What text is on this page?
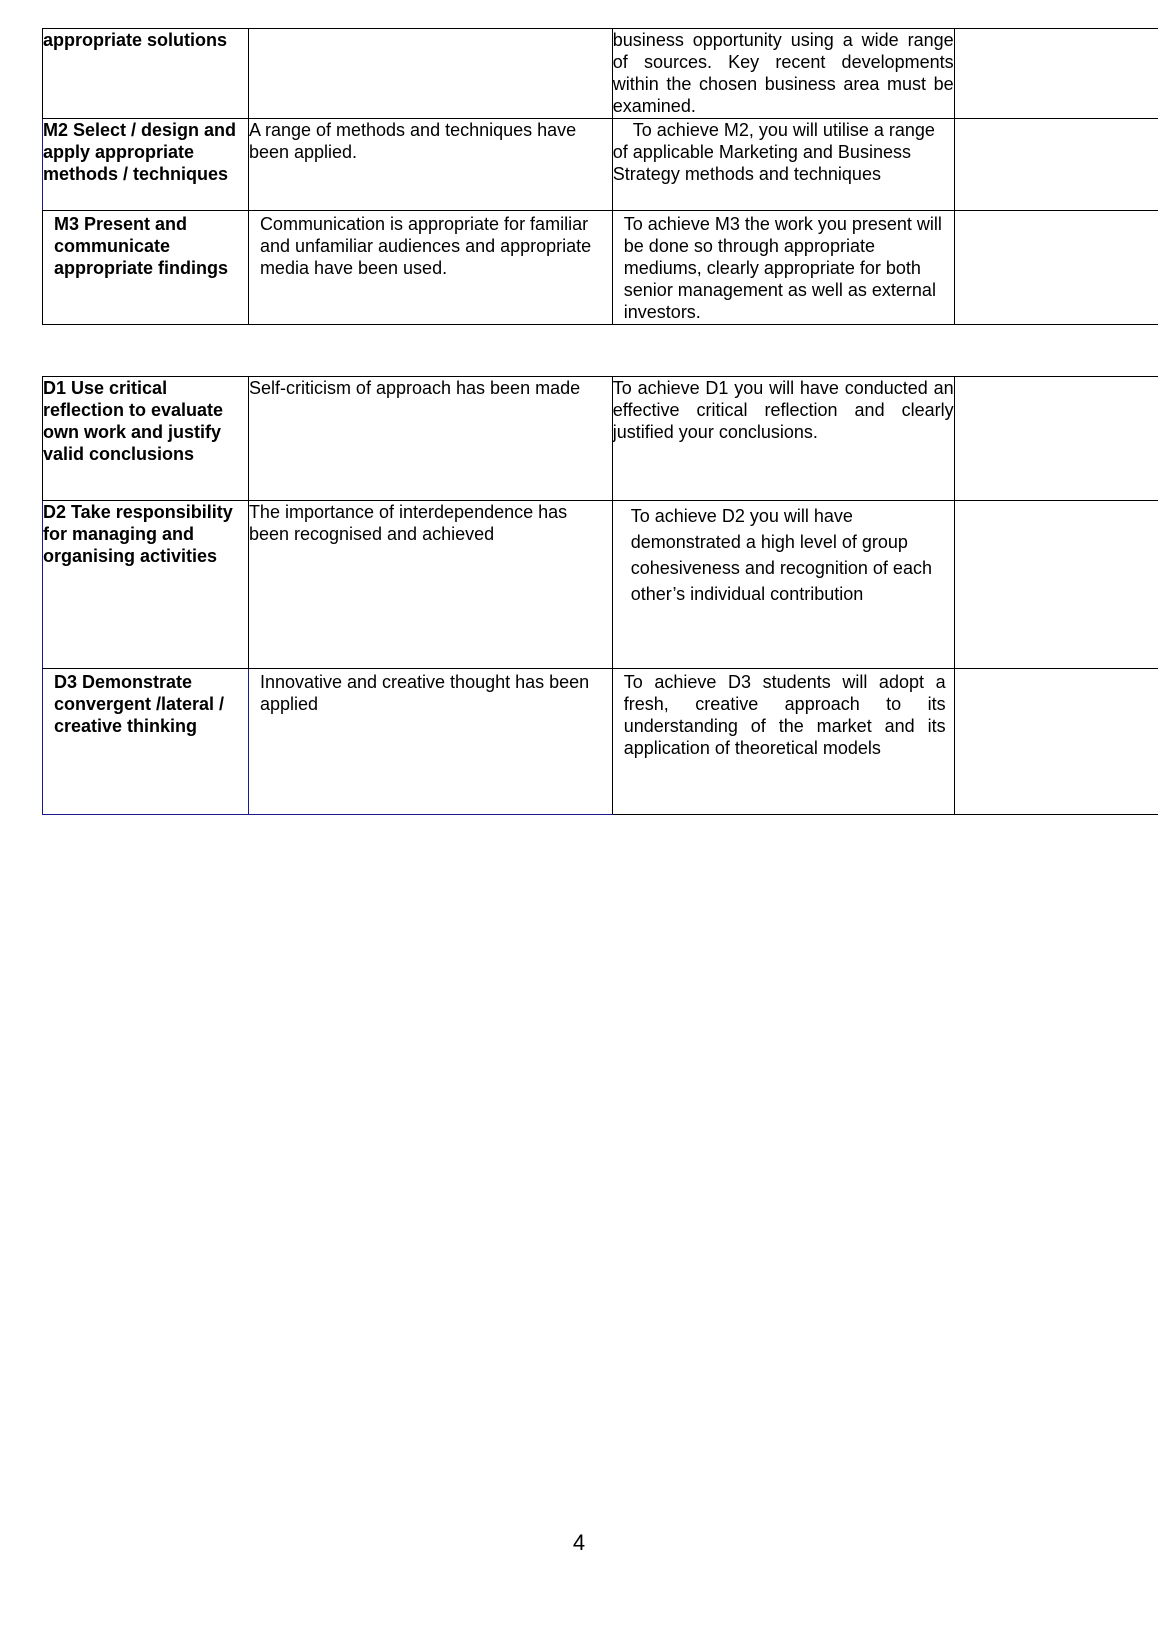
appropriate solutions		business opportunity using a wide range of sources. Key recent developments within the chosen business area must be examined.	
M2 Select / design and apply appropriate methods / techniques	A range of methods and techniques have been applied.	To achieve M2, you will utilise a range of applicable Marketing and Business Strategy methods and techniques	
M3 Present and communicate appropriate findings	Communication is appropriate for familiar and unfamiliar audiences and appropriate media have been used.	To achieve M3 the work you present will be done so through appropriate mediums, clearly appropriate for both senior management as well as external investors.	
D1 Use critical reflection to evaluate own work and justify valid conclusions	Self-criticism of approach has been made	To achieve D1 you will have conducted an effective critical reflection and clearly justified your conclusions.	
D2 Take responsibility for managing and organising activities	The importance of interdependence has been recognised and achieved	To achieve D2 you will have demonstrated a high level of group cohesiveness and recognition of each other’s individual contribution	
D3 Demonstrate convergent /lateral / creative thinking	Innovative and creative thought has been applied	To achieve D3 students will adopt a fresh, creative approach to its understanding of the market and its application of theoretical models	
4
